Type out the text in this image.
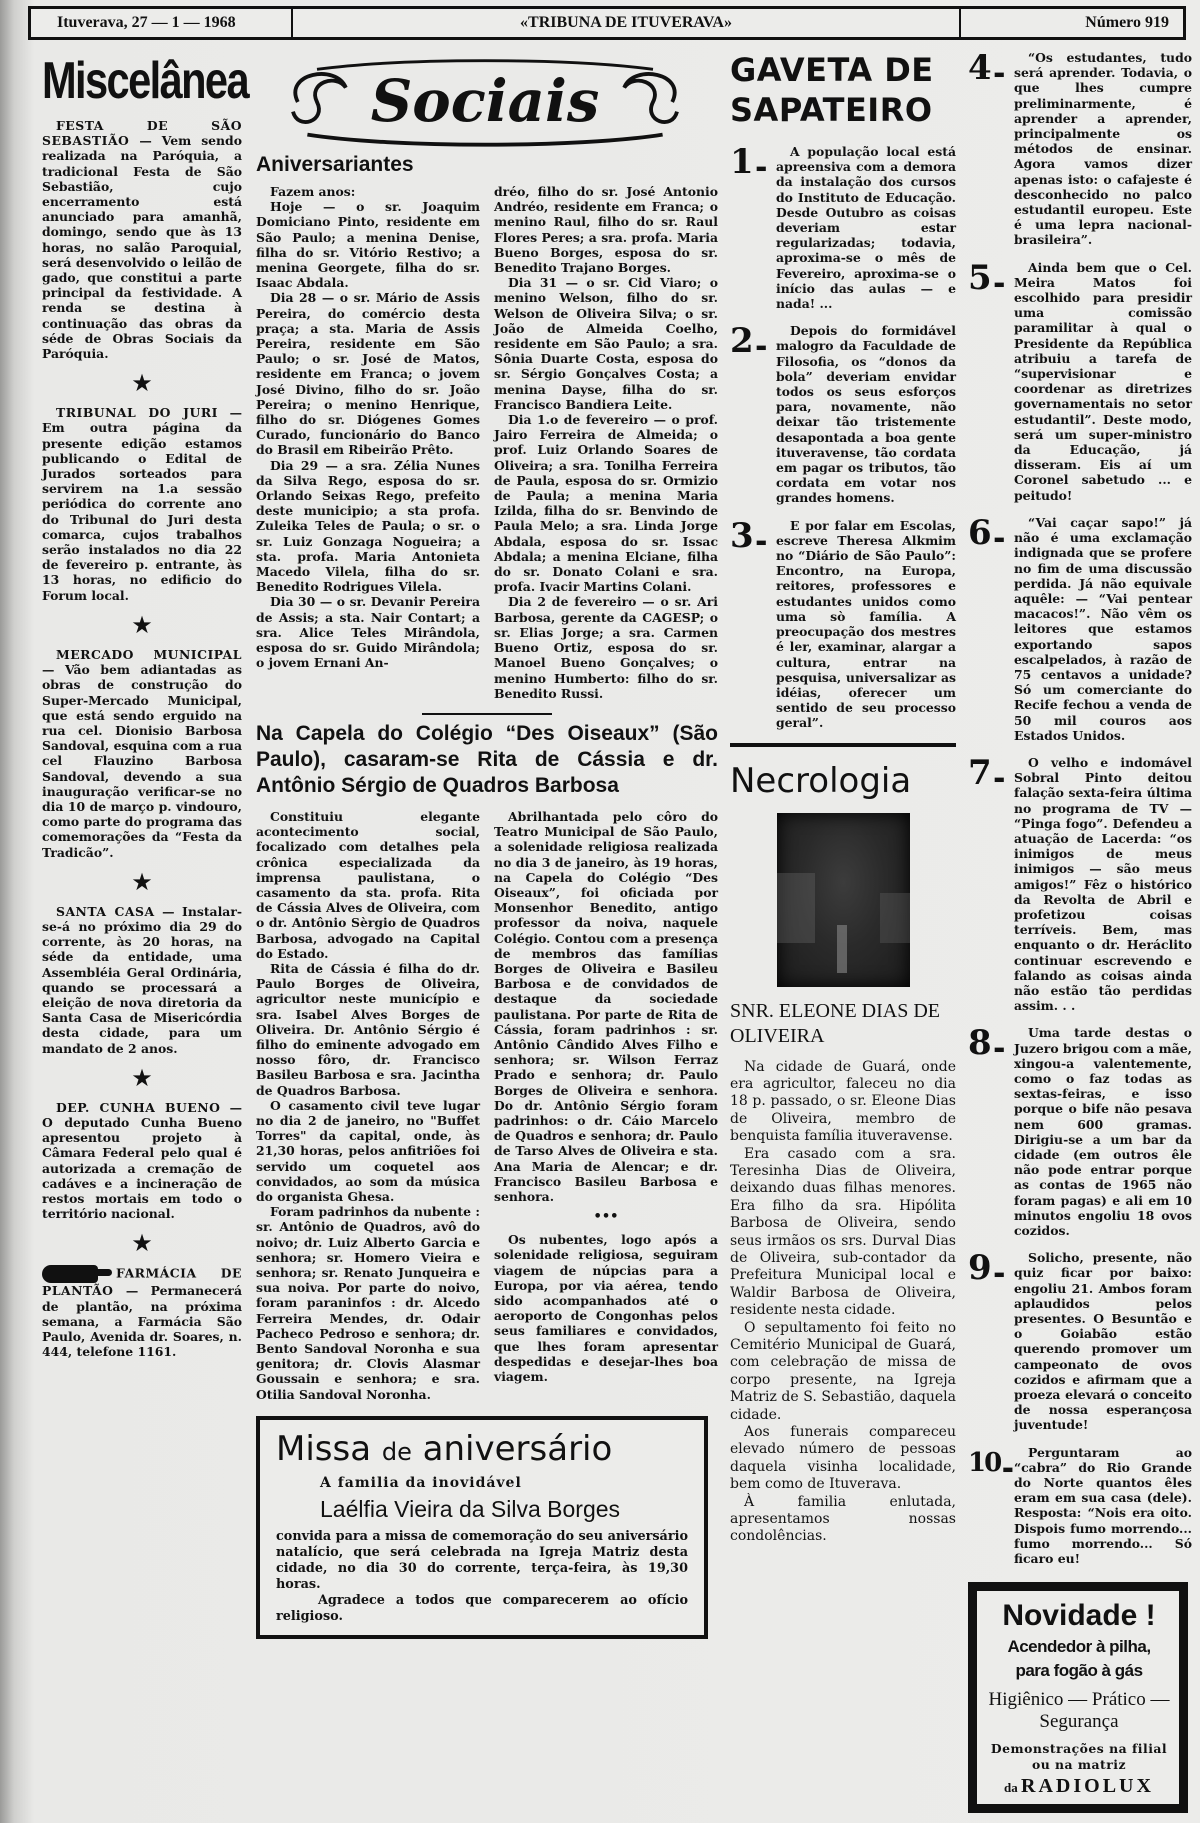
Ituverava, 27 — 1 — 1968	«TRIBUNA DE ITUVERAVA»	Número 919
Miscelânea

FESTA DE SÃO SEBASTIÃO — Vem sendo realizada na Paróquia, a tradicional Festa de São Sebastião, cujo encerramento está anunciado para amanhã, domingo, sendo que às 13 horas, no salão Paroquial, será desenvolvido o leilão de gado, que constitui a parte principal da festividade. A renda se destina à continuação das obras da séde de Obras Sociais da Paróquia.

★

TRIBUNAL DO JURI — Em outra página da presente edição estamos publicando o Edital de Jurados sorteados para servirem na 1.a sessão periódica do corrente ano do Tribunal do Juri desta comarca, cujos trabalhos serão instalados no dia 22 de fevereiro p. entrante, às 13 horas, no edificio do Forum local.

★

MERCADO MUNICIPAL — Vão bem adiantadas as obras de construção do Super-Mercado Municipal, que está sendo erguido na rua cel. Dionisio Barbosa Sandoval, esquina com a rua cel Flauzino Barbosa Sandoval, devendo a sua inauguração verificar-se no dia 10 de março p. vindouro, como parte do programa das comemorações da “Festa da Tradicão”.

★

SANTA CASA — Instalar-se-á no próximo dia 29 do corrente, às 20 horas, na séde da entidade, uma Assembléia Geral Ordinária, quando se processará a eleição de nova diretoria da Santa Casa de Misericórdia desta cidade, para um mandato de 2 anos.

★

DEP. CUNHA BUENO — O deputado Cunha Bueno apresentou projeto à Câmara Federal pelo qual é autorizada a cremação de cadáves e a incineração de restos mortais em todo o território nacional.

★

FARMÁCIA DE PLANTÃO — Permanecerá de plantão, na próxima semana, a Farmácia São Paulo, Avenida dr. Soares, n. 444, telefone 1161.

Sociais
Aniversariantes

Fazem anos:

Hoje — o sr. Joaquim Domiciano Pinto, residente em São Paulo; a menina Denise, filha do sr. Vitório Restivo; a menina Georgete, filha do sr. Isaac Abdala.

Dia 28 — o sr. Mário de Assis Pereira, do comércio desta praça; a sta. Maria de Assis Pereira, residente em São Paulo; o sr. José de Matos, residente em Franca; o jovem José Divino, filho do sr. João Pereira; o menino Henrique, filho do sr. Diógenes Gomes Curado, funcionário do Banco do Brasil em Ribeirão Prêto.

Dia 29 — a sra. Zélia Nunes da Silva Rego, esposa do sr. Orlando Seixas Rego, prefeito deste municipio; a sta profa. Zuleika Teles de Paula; o sr. o sr. Luiz Gonzaga Nogueira; a sta. profa. Maria Antonieta Macedo Vilela, filha do sr. Benedito Rodrigues Vilela.

Dia 30 — o sr. Devanir Pereira de Assis; a sta. Nair Contart; a sra. Alice Teles Mirândola, esposa do sr. Guido Mirândola; o jovem Ernani An-

dréo, filho do sr. José Antonio Andréo, residente em Franca; o menino Raul, filho do sr. Raul Flores Peres; a sra. profa. Maria Bueno Borges, esposa do sr. Benedito Trajano Borges.

Dia 31 — o sr. Cid Viaro; o menino Welson, filho do sr. Welson de Oliveira Silva; o sr. João de Almeida Coelho, residente em São Paulo; a sra. Sônia Duarte Costa, esposa do sr. Sérgio Gonçalves Costa; a menina Dayse, filha do sr. Francisco Bandiera Leite.

Dia 1.o de fevereiro — o prof. Jairo Ferreira de Almeida; o prof. Luiz Orlando Soares de Oliveira; a sra. Tonilha Ferreira de Paula, esposa do sr. Ormizio de Paula; a menina Maria Izilda, filha do sr. Benvindo de Paula Melo; a sra. Linda Jorge Abdala, esposa do sr. Issac Abdala; a menina Elciane, filha do sr. Donato Colani e sra. profa. Ivacir Martins Colani.

Dia 2 de fevereiro — o sr. Ari Barbosa, gerente da CAGESP; o sr. Elias Jorge; a sra. Carmen Bueno Ortiz, esposa do sr. Manoel Bueno Gonçalves; o menino Humberto: filho do sr. Benedito Russi.

Na Capela do Colégio “Des Oiseaux” (São Paulo), casaram-se Rita de Cássia e dr. Antônio Sérgio de Quadros Barbosa

Constituiu elegante acontecimento social, focalizado com detalhes pela crônica especializada da imprensa paulistana, o casamento da sta. profa. Rita de Cássia Alves de Oliveira, com o dr. Antônio Sèrgio de Quadros Barbosa, advogado na Capital do Estado.

Rita de Cássia é filha do dr. Paulo Borges de Oliveira, agricultor neste município e sra. Isabel Alves Borges de Oliveira. Dr. Antônio Sérgio é filho do eminente advogado em nosso fôro, dr. Francisco Basileu Barbosa e sra. Jacintha de Quadros Barbosa.

O casamento civil teve lugar no dia 2 de janeiro, no "Buffet Torres" da capital, onde, às 21,30 horas, pelos anfitriões foi servido um coquetel aos convidados, ao som da música do organista Ghesa.

Foram padrinhos da nubente : sr. Antônio de Quadros, avô do noivo; dr. Luiz Alberto Garcia e senhora; sr. Homero Vieira e senhora; sr. Renato Junqueira e sua noiva. Por parte do noivo, foram paraninfos : dr. Alcedo Ferreira Mendes, dr. Odair Pacheco Pedroso e senhora; dr. Bento Sandoval Noronha e sua genitora; dr. Clovis Alasmar Goussain e senhora; e sra. Otilia Sandoval Noronha.

Abrilhantada pelo côro do Teatro Municipal de São Paulo, a solenidade religiosa realizada no dia 3 de janeiro, às 19 horas, na Capela do Colégio “Des Oiseaux”, foi oficiada por Monsenhor Benedito, antigo professor da noiva, naquele Colégio. Contou com a presença de membros das famílias Borges de Oliveira e Basileu Barbosa e de convidados de destaque da sociedade paulistana. Por parte de Rita de Cássia, foram padrinhos : sr. Antônio Cândido Alves Filho e senhora; sr. Wilson Ferraz Prado e senhora; dr. Paulo Borges de Oliveira e senhora. Do dr. Antônio Sérgio foram padrinhos: o dr. Cáio Marcelo de Quadros e senhora; dr. Paulo de Tarso Alves de Oliveira e sta. Ana Maria de Alencar; e dr. Francisco Basileu Barbosa e senhora.

•••

Os nubentes, logo após a solenidade religiosa, seguiram viagem de núpcias para a Europa, por via aérea, tendo sido acompanhados até o aeroporto de Congonhas pelos seus familiares e convidados, que lhes foram apresentar despedidas e desejar-lhes boa viagem.

Missa de aniversário
A familia da inovidável
Laélfia Vieira da Silva Borges

convida para a missa de comemoração do seu aniversário natalício, que será celebrada na Igreja Matriz desta cidade, no dia 30 do corrente, terça-feira, às 19,30 horas.

Agradece a todos que comparecerem ao ofício religioso.

GAVETA DE
SAPATEIRO
1 ▬

A população local está apreensiva com a demora da instalação dos cursos do Instituto de Educação. Desde Outubro as coisas deveriam estar regularizadas; todavia, aproxima-se o mês de Fevereiro, aproxima-se o início das aulas — e nada! ...

2 ▬

Depois do formidável malogro da Faculdade de Filosofia, os “donos da bola” deveriam envidar todos os seus esforços para, novamente, não deixar tão tristemente desapontada a boa gente ituveravense, tão cordata em pagar os tributos, tão cordata em votar nos grandes homens.

3 ▬

E por falar em Escolas, escreve Theresa Alkmim no “Diário de São Paulo”: Encontro, na Europa, reitores, professores e estudantes unidos como uma sò família. A preocupação dos mestres é ler, examinar, alargar a cultura, entrar na pesquisa, universalizar as idéias, oferecer um sentido de seu processo geral”.

Necrologia
SNR. ELEONE DIAS DE OLIVEIRA

Na cidade de Guará, onde era agricultor, faleceu no dia 18 p. passado, o sr. Eleone Dias de Oliveira, membro de benquista família ituveravense.

Era casado com a sra. Teresinha Dias de Oliveira, deixando duas filhas menores. Era filho da sra. Hipólita Barbosa de Oliveira, sendo seus irmãos os srs. Durval Dias de Oliveira, sub-contador da Prefeitura Municipal local e Waldir Barbosa de Oliveira, residente nesta cidade.

O sepultamento foi feito no Cemitério Municipal de Guará, com celebração de missa de corpo presente, na Igreja Matriz de S. Sebastião, daquela cidade.

Aos funerais compareceu elevado número de pessoas daquela visinha localidade, bem como de Ituverava.

À familia enlutada, apresentamos nossas condolências.

4 ▬

“Os estudantes, tudo será aprender. Todavia, o que lhes cumpre preliminarmente, é aprender a aprender, principalmente os métodos de ensinar. Agora vamos dizer apenas isto: o cafajeste é desconhecido no palco estudantil europeu. Este é uma lepra nacional-brasileira”.

5 ▬

Ainda bem que o Cel. Meira Matos foi escolhido para presidir uma comissão paramilitar à qual o Presidente da República atribuiu a tarefa de “supervisionar e coordenar as diretrizes governamentais no setor estudantil”. Deste modo, será um super-ministro da Educação, já disseram. Eis aí um Coronel sabetudo ... e peitudo!

6 ▬

“Vai caçar sapo!” já não é uma exclamação indignada que se profere no fim de uma discussão perdida. Já não equivale aquêle: — “Vai pentear macacos!”. Não vêm os leitores que estamos exportando sapos escalpelados, à razão de 75 centavos a unidade? Só um comerciante do Recife fechou a venda de 50 mil couros aos Estados Unidos.

7 ▬

O velho e indomável Sobral Pinto deitou falação sexta-feira última no programa de TV — “Pinga fogo”. Defendeu a atuação de Lacerda: “os inimigos de meus inimigos — são meus amigos!” Fêz o histórico da Revolta de Abril e profetizou coisas terríveis. Bem, mas enquanto o dr. Heráclito continuar escrevendo e falando as coisas ainda não estão tão perdidas assim. . .

8 ▬

Uma tarde destas o Juzero brigou com a mãe, xingou-a valentemente, como o faz todas as sextas-feiras, e isso porque o bife não pesava nem 600 gramas. Dirigiu-se a um bar da cidade (em outros êle não pode entrar porque as contas de 1965 não foram pagas) e ali em 10 minutos engoliu 18 ovos cozidos.

9 ▬

Solicho, presente, não quiz ficar por baixo: engoliu 21. Ambos foram aplaudidos pelos presentes. O Besuntão e o Goiabão estão querendo promover um campeonato de ovos cozidos e afirmam que a proeza elevará o conceito de nossa esperançosa juventude!

10 ▬

Perguntaram ao “cabra” do Rio Grande do Norte quantos êles eram em sua casa (dele). Resposta: “Nois era oito. Dispois fumo morrendo... fumo morrendo... Só ficaro eu!

Novidade !
Acendedor à pilha,
para fogão à gás
Higiênico — Prático — Segurança
Demonstrações na filial ou na matriz
da RADIOLUX
